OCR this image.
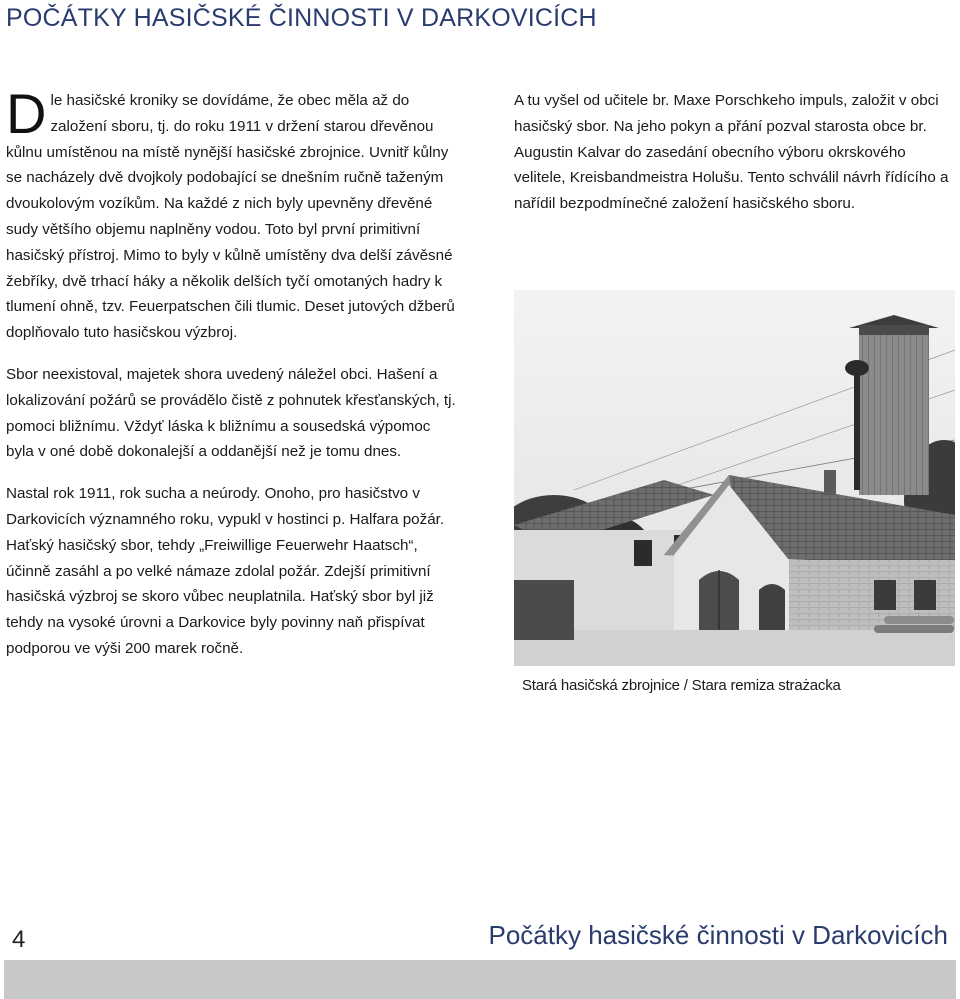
POČÁTKY HASIČSKÉ ČINNOSTI V DARKOVICÍCH

Dle hasičské kroniky se dovídáme, že obec měla až do založení sboru, tj. do roku 1911 v držení starou dřevěnou kůlnu umístěnou na místě nynější hasičské zbrojnice. Uvnitř kůlny se nacházely dvě dvojkoly podobající se dnešním ručně taženým dvoukolovým vozíkům. Na každé z nich byly upevněny dřevěné sudy většího objemu naplněny vodou. Toto byl první primitivní hasičský přístroj. Mimo to byly v kůlně umístěny dva delší závěsné žebříky, dvě trhací háky a několik delších tyčí omotaných hadry k tlumení ohně, tzv. Feuerpatschen čili tlumic. Deset jutových džberů doplňovalo tuto hasičskou výzbroj.

Sbor neexistoval, majetek shora uvedený náležel obci. Hašení a lokalizování požárů se provádělo čistě z pohnutek křesťanských, tj. pomoci bližnímu. Vždyť láska k bližnímu a sousedská výpomoc byla v oné době dokonalejší a oddanější než je tomu dnes.

Nastal rok 1911, rok sucha a neúrody. Onoho, pro hasičstvo v Darkovicích významného roku, vypukl v hostinci p. Halfara požár. Haťský hasičský sbor, tehdy „Freiwillige Feuerwehr Haatsch“, účinně zasáhl a po velké námaze zdolal požár. Zdejší primitivní hasičská výzbroj se skoro vůbec neuplatnila. Haťský sbor byl již tehdy na vysoké úrovni a Darkovice byly povinny naň přispívat podporou ve výši 200 marek ročně.

A tu vyšel od učitele br. Maxe Porschkeho impuls, založit v obci hasičský sbor. Na jeho pokyn a přání pozval starosta obce br. Augustin Kalvar do zasedání obecního výboru okrskového velitele, Kreisbandmeistra Holušu. Tento schválil návrh řídícího a nařídil bezpodmínečné založení hasičského sboru.

Stará hasičská zbrojnice / Stara remiza strażacka

4	Počátky hasičské činnosti v Darkovicích
